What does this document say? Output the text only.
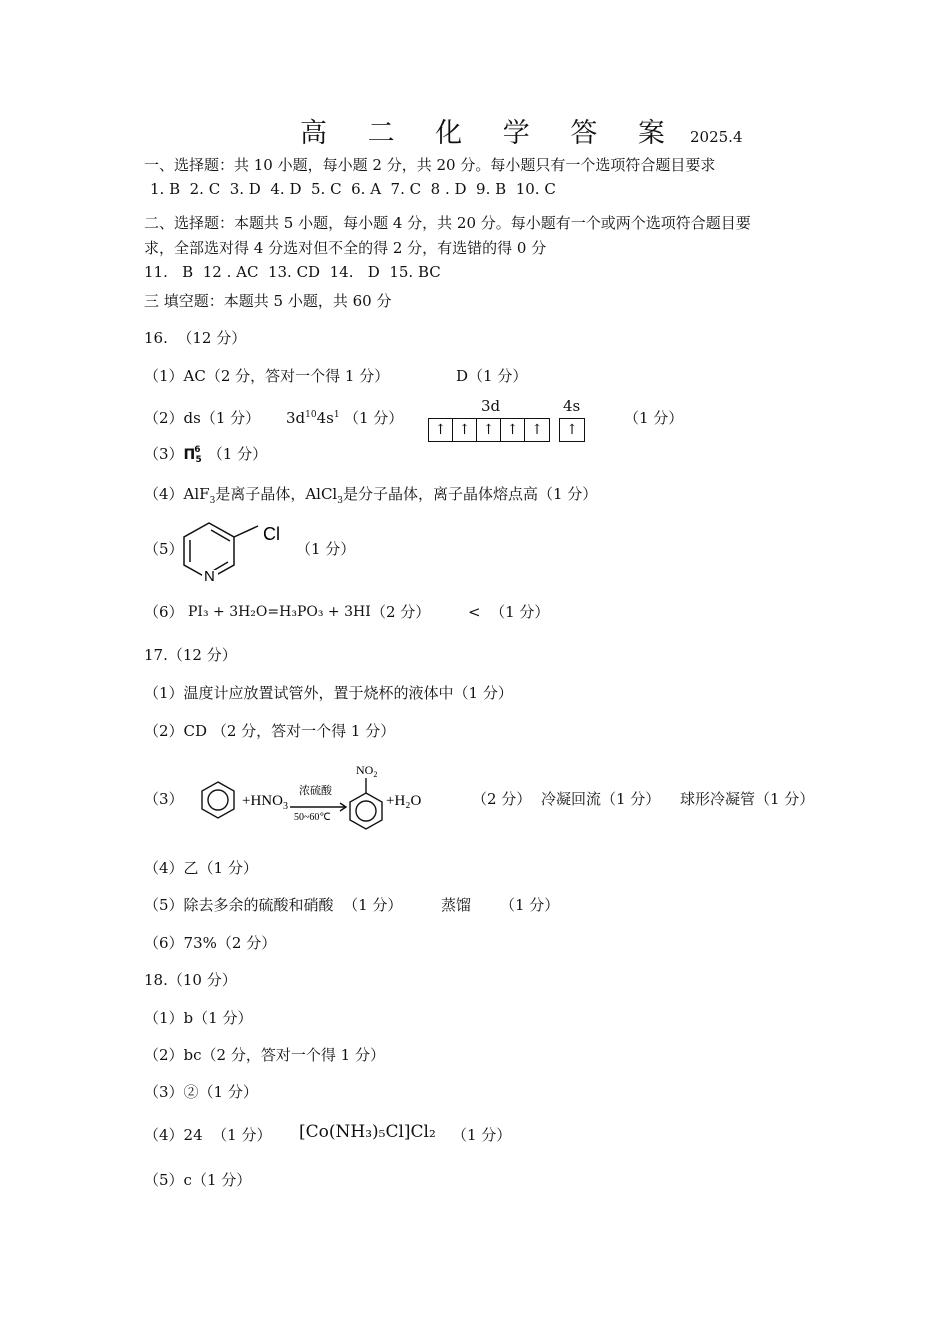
高 二 化 学 答 案 2025.4
一、选择题：共 10 小题，每小题 2 分，共 20 分。每小题只有一个选项符合题目要求
1. B  2. C  3. D  4. D  5. C  6. A  7. C  8 . D  9. B  10. C
二、选择题：本题共 5 小题，每小题 4 分，共 20 分。每小题有一个或两个选项符合题目要
求，全部选对得 4 分选对但不全的得 2 分，有选错的得 0 分
11.   B  12 . AC  13. CD  14.   D  15. BC
三 填空题：本题共 5 小题，共 60 分
16.  （12 分）
（1）AC（2 分，答对一个得 1 分）	D（1 分）
（2）ds（1 分） $3d^{10}4s^1$ （1 分）
3d	4s
↑ ↑ ↑ ↑ ↑	↑
（1 分）
$(3)\Pi^6_5$ （1 分）
（4）AlF$_3$是离子晶体，AlCl$_3$是分子晶体，离子晶体熔点高（1 分）
（5）
N
Cl
（1 分）
（6） PI₃ + 3H₂O=H₃PO₃ + 3HI （2 分）	<  （1 分）
17.（12 分）
（1）温度计应放置试管外，置于烧杯的液体中（1 分）
（2）CD （2 分，答对一个得 1 分）
（3）	$+HNO_3$
浓硫酸
50~60℃
$NO_2$
+H₂O	（2 分） 冷凝回流（1 分） 球形冷凝管（1 分）
（4）乙（1 分）
（5）除去多余的硫酸和硝酸  （1 分）	蒸馏 （1 分）
（6）73%（2 分）
18.（10 分）
（1）b（1 分）
（2）bc（2 分，答对一个得 1 分）
（3）②（1 分）
（4）24  （1 分） [Co(NH₃)₅Cl]Cl₂ （1 分）
（5）c（1 分）
